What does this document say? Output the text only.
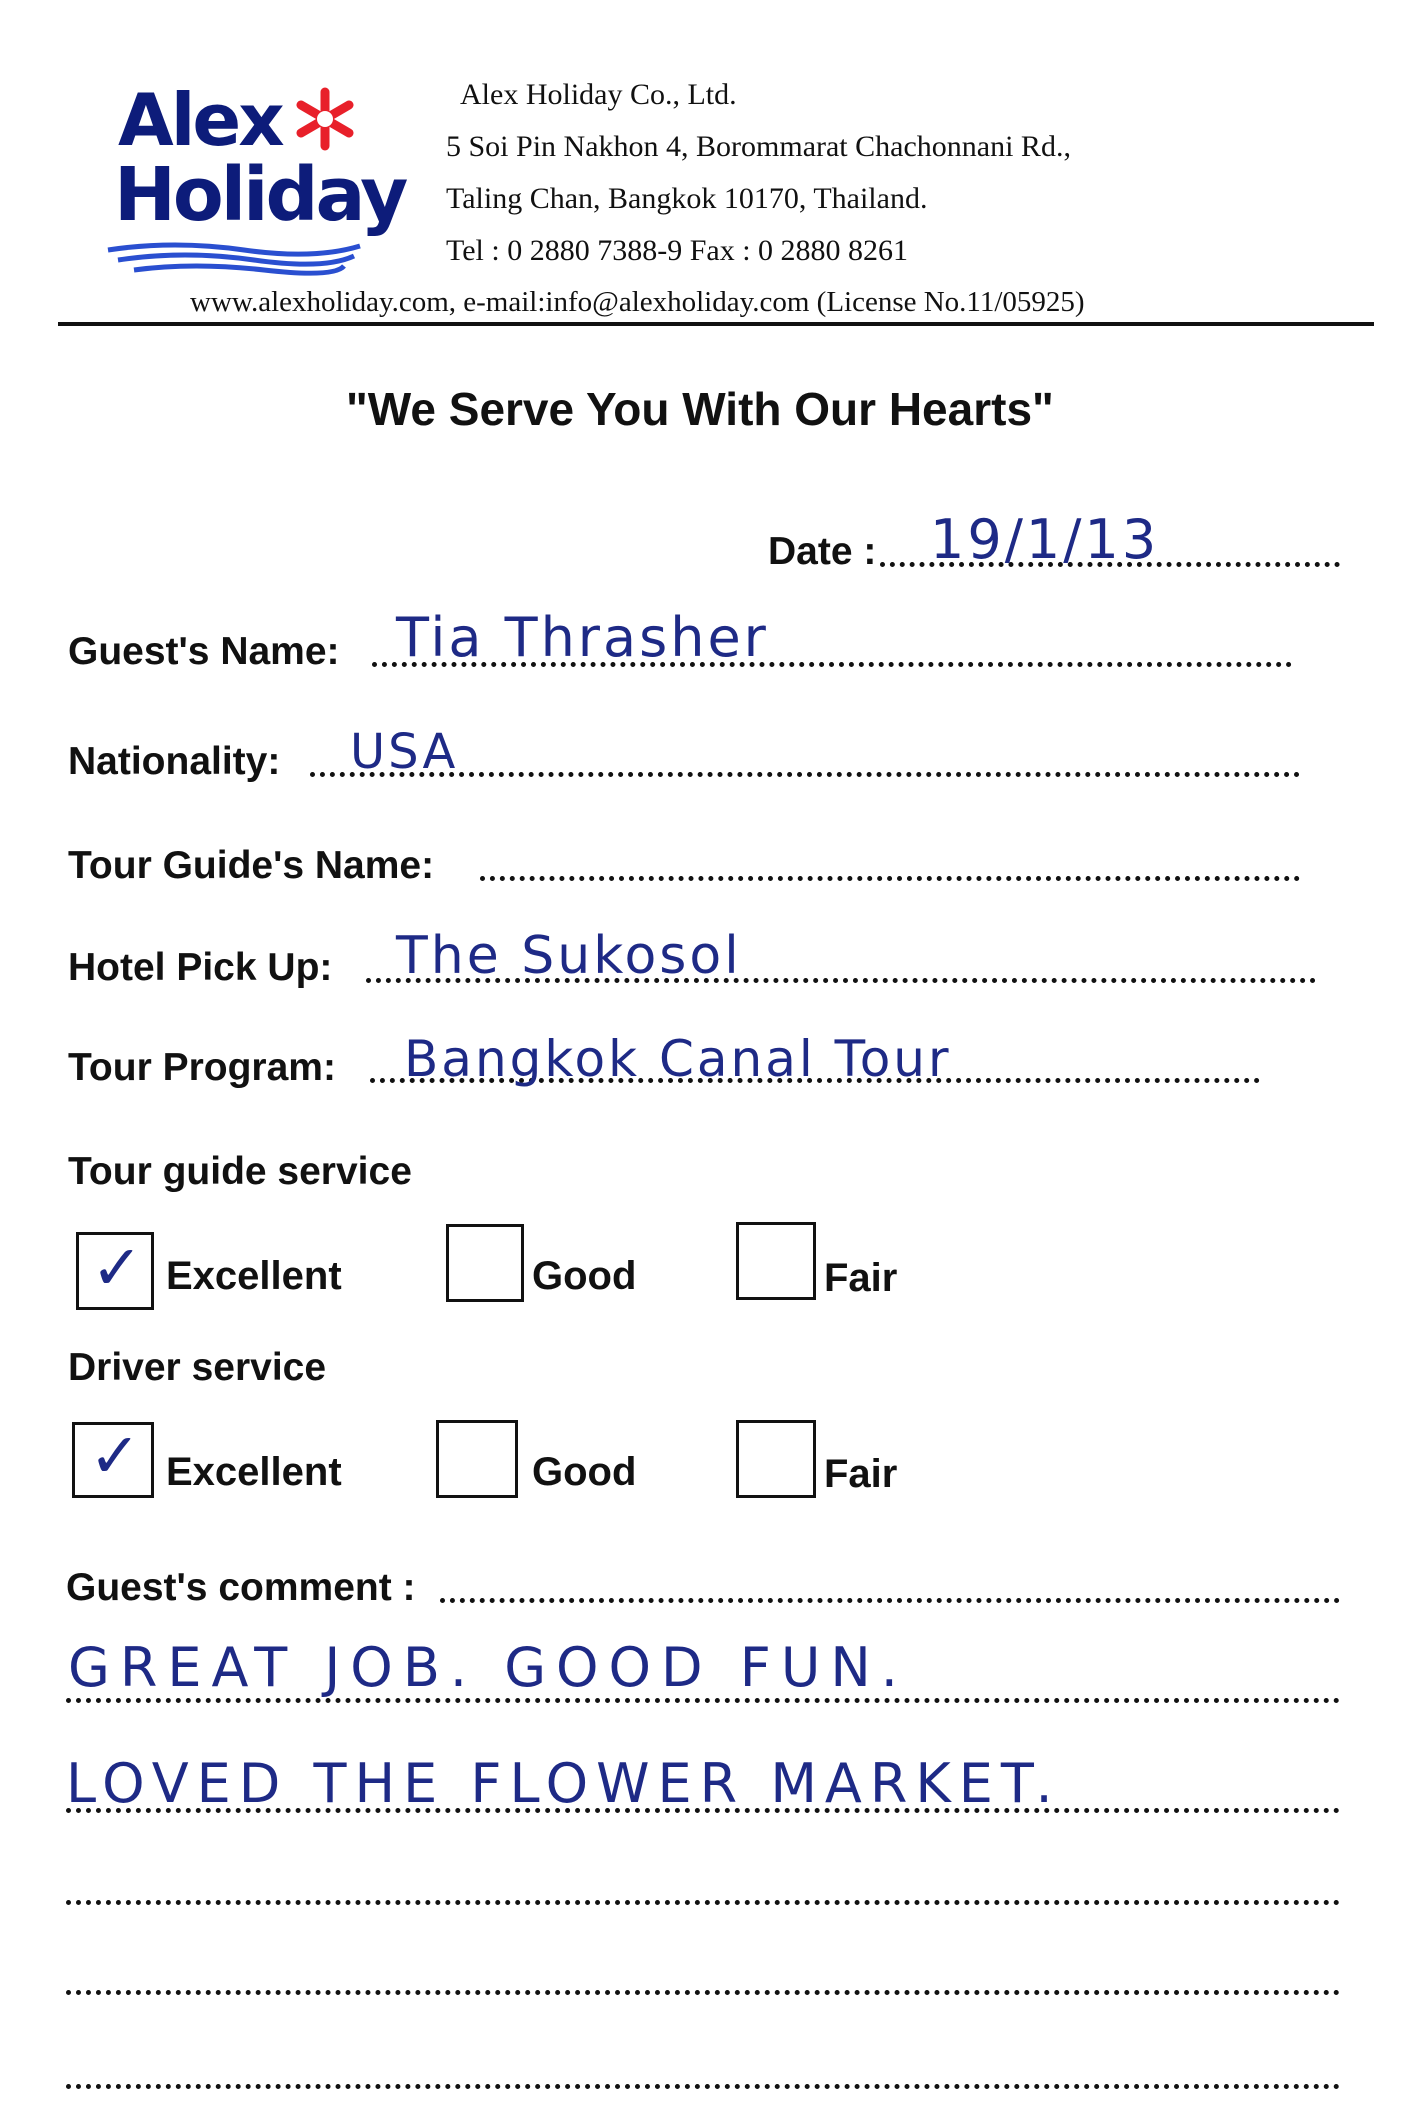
Alex
Holiday
Alex Holiday Co., Ltd.
5 Soi Pin Nakhon 4, Borommarat Chachonnani Rd.,
Taling Chan, Bangkok 10170, Thailand.
Tel : 0 2880 7388-9 Fax : 0 2880 8261
www.alexholiday.com, e-mail:info@alexholiday.com (License No.11/05925)
"We Serve You With Our Hearts"
Date : 19/1/13
Guest's Name: Tia Thrasher
Nationality: USA
Tour Guide's Name:
Hotel Pick Up: The Sukosol
Tour Program: Bangkok Canal Tour
Tour guide service
✓ Excellent	Good	Fair
Driver service
✓ Excellent	Good	Fair
Guest's comment :
GREAT JOB. GOOD FUN.
LOVED THE FLOWER MARKET.
